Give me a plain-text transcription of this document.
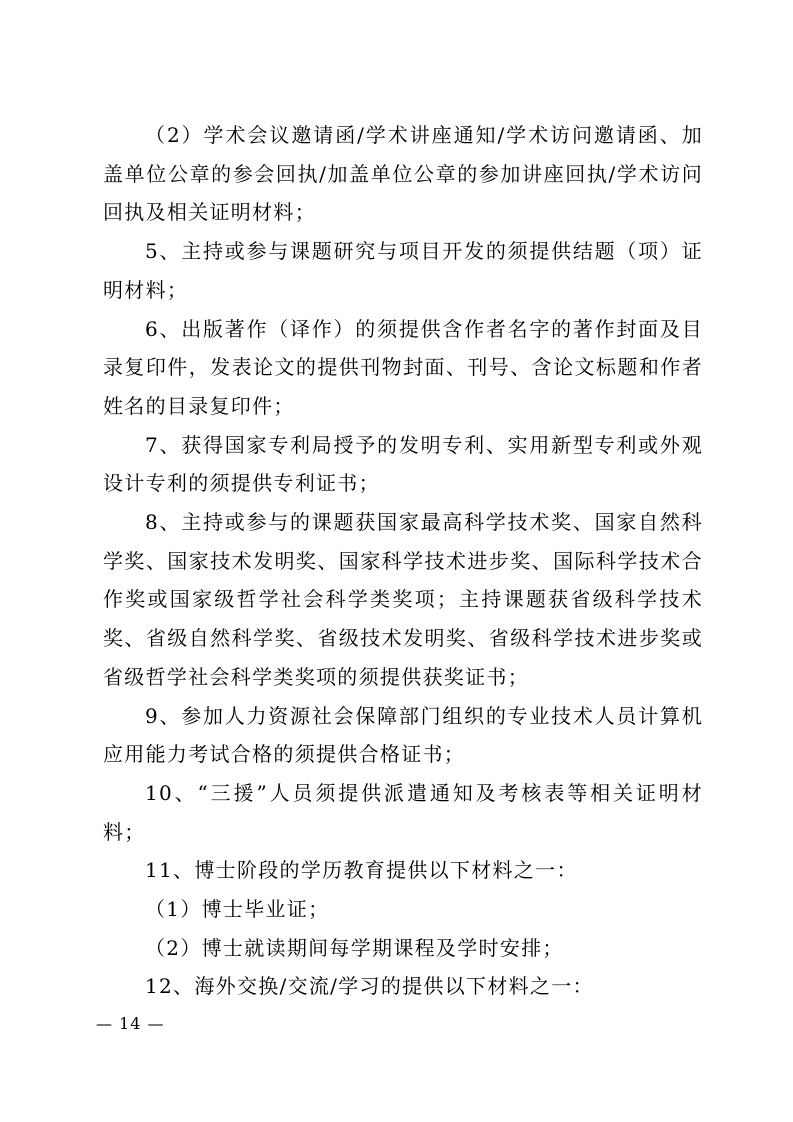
（2）学术会议邀请函/学术讲座通知/学术访问邀请函、加盖单位公章的参会回执/加盖单位公章的参加讲座回执/学术访问回执及相关证明材料；

5、主持或参与课题研究与项目开发的须提供结题（项）证明材料；

6、出版著作（译作）的须提供含作者名字的著作封面及目录复印件，发表论文的提供刊物封面、刊号、含论文标题和作者姓名的目录复印件；

7、获得国家专利局授予的发明专利、实用新型专利或外观设计专利的须提供专利证书；

8、主持或参与的课题获国家最高科学技术奖、国家自然科学奖、国家技术发明奖、国家科学技术进步奖、国际科学技术合作奖或国家级哲学社会科学类奖项；主持课题获省级科学技术奖、省级自然科学奖、省级技术发明奖、省级科学技术进步奖或省级哲学社会科学类奖项的须提供获奖证书；

9、参加人力资源社会保障部门组织的专业技术人员计算机应用能力考试合格的须提供合格证书；

10、“三援”人员须提供派遣通知及考核表等相关证明材料；

11、博士阶段的学历教育提供以下材料之一：

（1）博士毕业证；

（2）博士就读期间每学期课程及学时安排；

12、海外交换/交流/学习的提供以下材料之一：

— 14 —
